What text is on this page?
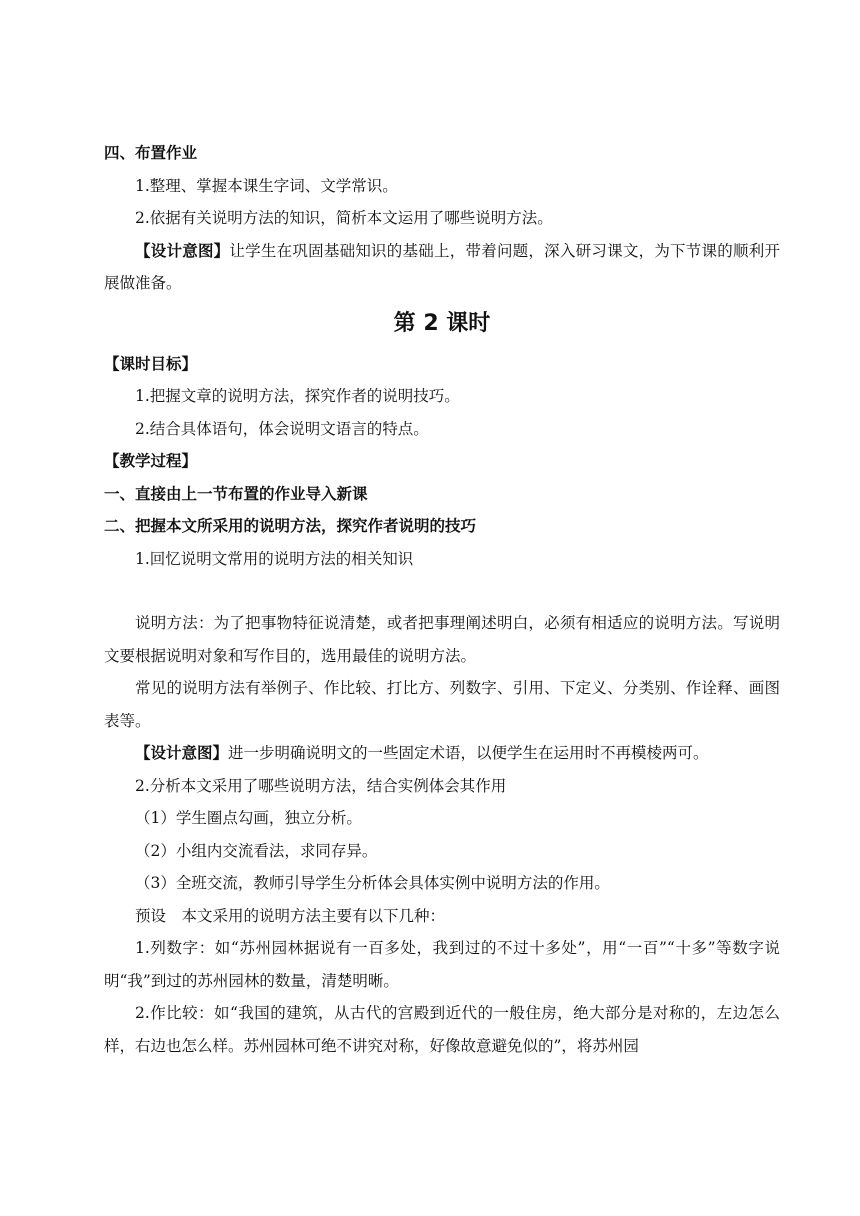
四、布置作业

1.整理、掌握本课生字词、文学常识。

2.依据有关说明方法的知识，简析本文运用了哪些说明方法。

【设计意图】让学生在巩固基础知识的基础上，带着问题，深入研习课文，为下节课的顺利开展做准备。

第 2 课时

【课时目标】

1.把握文章的说明方法，探究作者的说明技巧。

2.结合具体语句，体会说明文语言的特点。

【教学过程】

一、直接由上一节布置的作业导入新课

二、把握本文所采用的说明方法，探究作者说明的技巧

1.回忆说明文常用的说明方法的相关知识

说明方法：为了把事物特征说清楚，或者把事理阐述明白，必须有相适应的说明方法。写说明文要根据说明对象和写作目的，选用最佳的说明方法。

常见的说明方法有举例子、作比较、打比方、列数字、引用、下定义、分类别、作诠释、画图表等。

【设计意图】进一步明确说明文的一些固定术语，以便学生在运用时不再模棱两可。

2.分析本文采用了哪些说明方法，结合实例体会其作用

（1）学生圈点勾画，独立分析。

（2）小组内交流看法，求同存异。

（3）全班交流，教师引导学生分析体会具体实例中说明方法的作用。

预设　本文采用的说明方法主要有以下几种：

1.列数字：如“苏州园林据说有一百多处，我到过的不过十多处”，用“一百”“十多”等数字说明“我”到过的苏州园林的数量，清楚明晰。

2.作比较：如“我国的建筑，从古代的宫殿到近代的一般住房，绝大部分是对称的，左边怎么样，右边也怎么样。苏州园林可绝不讲究对称，好像故意避免似的”，将苏州园
